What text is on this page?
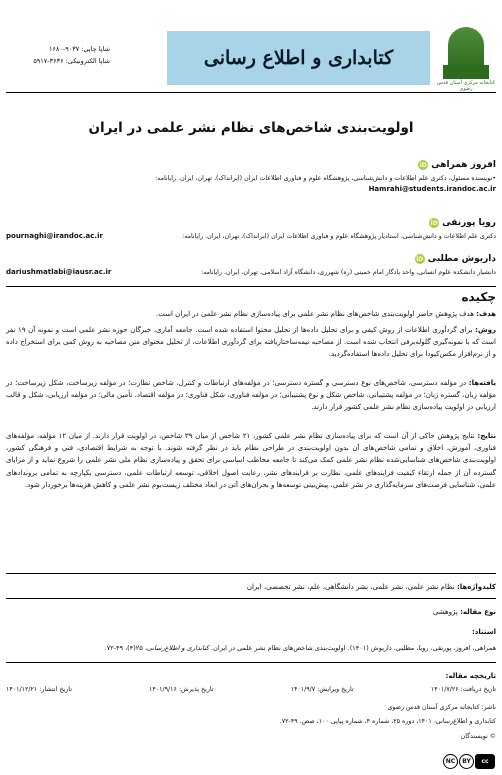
کتابخانه مرکزی آستان قدس رضوی
کتابداری و اطلاع رسانی
شاپا چاپی: ۹۰۳۷-۱۶۸۰
شاپا الکترونیکی: ۳۶۳۶-۵۹۱۷
اولویت‌بندی شاخص‌های نظام نشر علمی در ایران
افروز همراهی
iD
•نویسنده مسئول، دکتری علم اطلاعات و دانش‌شناسی، پژوهشگاه علوم و فناوری اطلاعات ایران (ایرانداک)، تهران، ایران. رایانامه:
Hamrahi@students.irandoc.ac.ir
رویا پورنقی
iD
دکتری علم اطلاعات و دانش‌شناسی، استادیار پژوهشگاه علوم و فناوری اطلاعات ایران (ایرانداک)، تهران، ایران. رایانامه:
pournaghi@irandoc.ac.ir
داریوش مطلبی
iD
دانشیار دانشکده علوم انسانی، واحد یادگار امام خمینی (ره) شهرری، دانشگاه آزاد اسلامی، تهران، ایران. رایانامه:
dariushmatlabi@iausr.ac.ir
چکیده
هدف: هدف پژوهش حاضر اولویت‌بندی شاخص‌های نظام نشر علمی برای پیاده‌سازی نظام نشر علمی در ایران است.
روش: برای گردآوری اطلاعات از روش کیفی و برای تحلیل داده‌ها از تحلیل محتوا استفاده شده است. جامعه آماری، خبرگان حوزه نشر علمی است و نمونه آن ۱۹ نفر است که با نمونه‌گیری گلوله‌برفی انتخاب شده است. از مصاحبه نیمه‌ساختاریافته برای گردآوری اطلاعات، از تحلیل محتوای متن مصاحبه به روش کمی برای استخراج داده و از نرم‌افزار مکس‌کیودا برای تحلیل داده‌ها استفاده‌گردید.
یافته‌ها: در مؤلفه دسترسی، شاخص‌های نوع دسترسی و گستره دسترسی؛ در مؤلفه‌های ارتباطات و کنترل، شاخص نظارت؛ در مؤلفه زیرساخت، شکل زیرساخت؛ در مؤلفه زبان، گستره زبان؛ در مؤلفه پشتیبانی، شاخص شکل و نوع پشتیبانی؛ در مؤلفه فناوری، شکل فناوری؛ در مؤلفه اقتصاد، تأمین مالی؛ در مؤلفه ارزیابی، شکل و قالب ارزیابی در اولویت پیاده‌سازی نظام نشر علمی کشور قرار دارند.
نتایج: نتایج پژوهش حاکی از آن است که برای پیاده‌سازی نظام نشر علمی کشور، ۲۱ شاخص از میان ۳۹ شاخص، در اولویت قرار دارند. از میان ۱۲ مؤلفه، مؤلفه‌های فناوری، آموزش، اخلاق و تمامی شاخص‌های آن بدون اولویت‌بندی در طراحی نظام باید در نظر گرفته شوند. با توجه به شرایط اقتصادی، فنی و فرهنگی کشور، اولویت‌بندی شاخص‌های شناسایی‌شده نظام نشر علمی کمک می‌کند تا جامعه مخاطب اساسی برای تحقق و پیاده‌سازی نظام ملی نشر علمی را شروع نماید و از مزایای گسترده آن از جمله ارتقاء کیفیت فرایندهای علمی، نظارت بر فرایندهای نشر، رعایت اصول اخلاقی، توسعه ارتباطات علمی، دسترسی یکپارچه به تمامی بروندادهای علمی، شناسایی فرصت‌های سرمایه‌گذاری در نشر علمی، پیش‌بینی توسعه‌ها و بحران‌های آتی در ابعاد مختلف زیست‌بوم نشر علمی و کاهش هزینه‌ها برخوردار شود.
کلیدواژه‌ها: نظام نشر علمی، نشر علمی، نشر دانشگاهی، علم، نشر تخصصی، ایران
نوع مقاله: پژوهشی
استناد:
همراهی، افروز، پورنقی، رویا، مطلبی، داریوش (۱۴۰۱). اولویت‌بندی شاخص‌های نظام نشر علمی در ایران. کتابداری و اطلاع‌رسانی، ۲۵(۴)، ۴۹-۷۲.
تاریخچه مقاله:
تاریخ دریافت: ۱۴۰۱/۷/۲۶
تاریخ ویرایش: ۱۴۰۱/۹/۷
تاریخ پذیرش: ۱۴۰۱/۹/۱۶
تاریخ انتشار: ۱۴۰۱/۱۲/۲۱
ناشر: کتابخانه مرکزی آستان قدس رضوی
کتابداری و اطلاع‌رسانی، ۱۴۰۱، دوره ۲۵، شماره ۴، شماره پیاپی ۱۰۰، صص. ۴۹-۷۲.
© نویسندگان
cc
BY
NC
